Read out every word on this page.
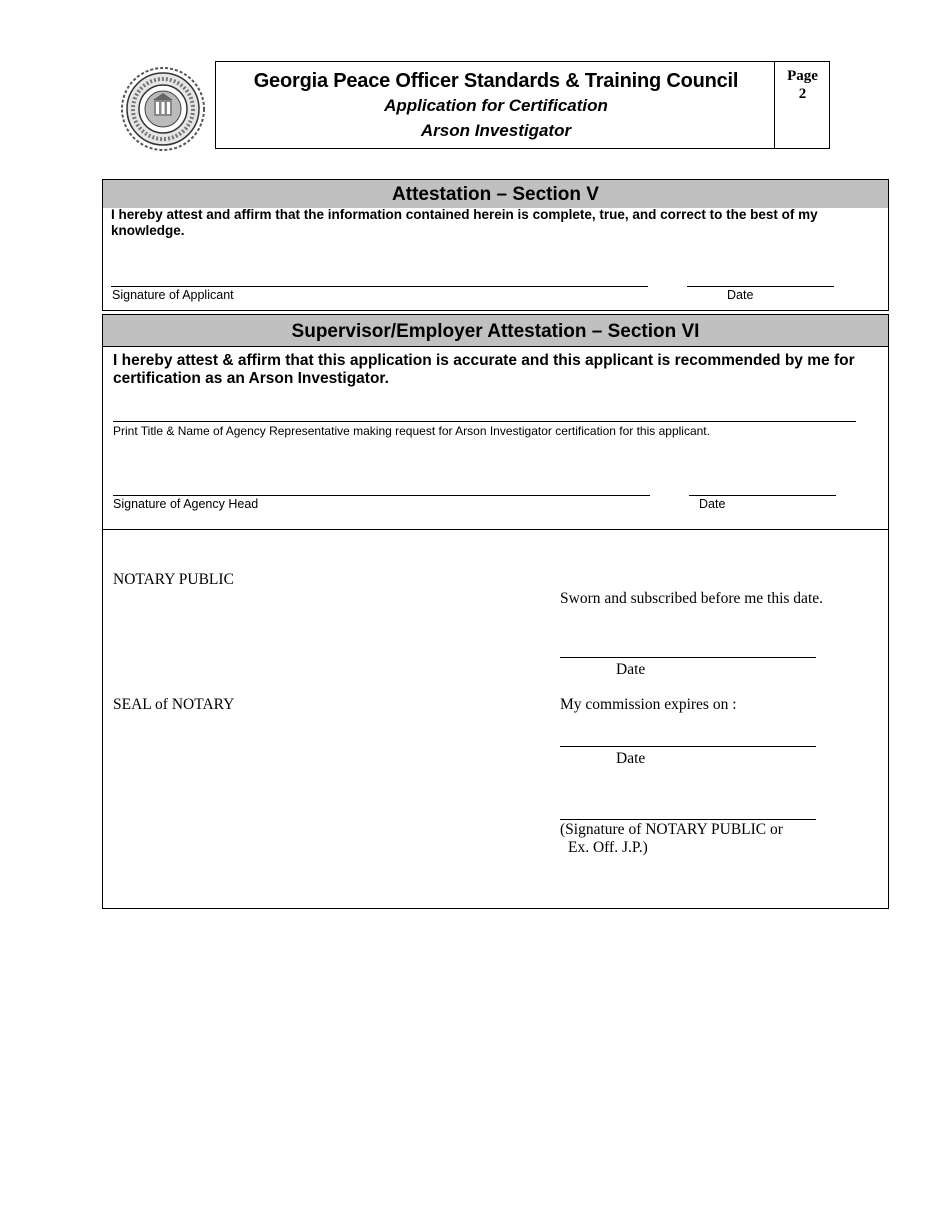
Georgia Peace Officer Standards & Training Council
Application for Certification
Arson Investigator
Page
2
Attestation – Section V
I hereby attest and affirm that the information contained herein is complete, true, and correct to the best of my knowledge.
Signature of Applicant	Date
Supervisor/Employer Attestation – Section VI
I hereby attest & affirm that this application is accurate and this applicant is recommended by me for certification as an Arson Investigator.
Print Title & Name of Agency Representative making request for Arson Investigator certification for this applicant.
Signature of Agency Head	Date
NOTARY PUBLIC
Sworn and subscribed before me this date.
Date
SEAL of NOTARY	My commission expires on :
Date
(Signature of NOTARY PUBLIC or
Ex. Off. J.P.)
